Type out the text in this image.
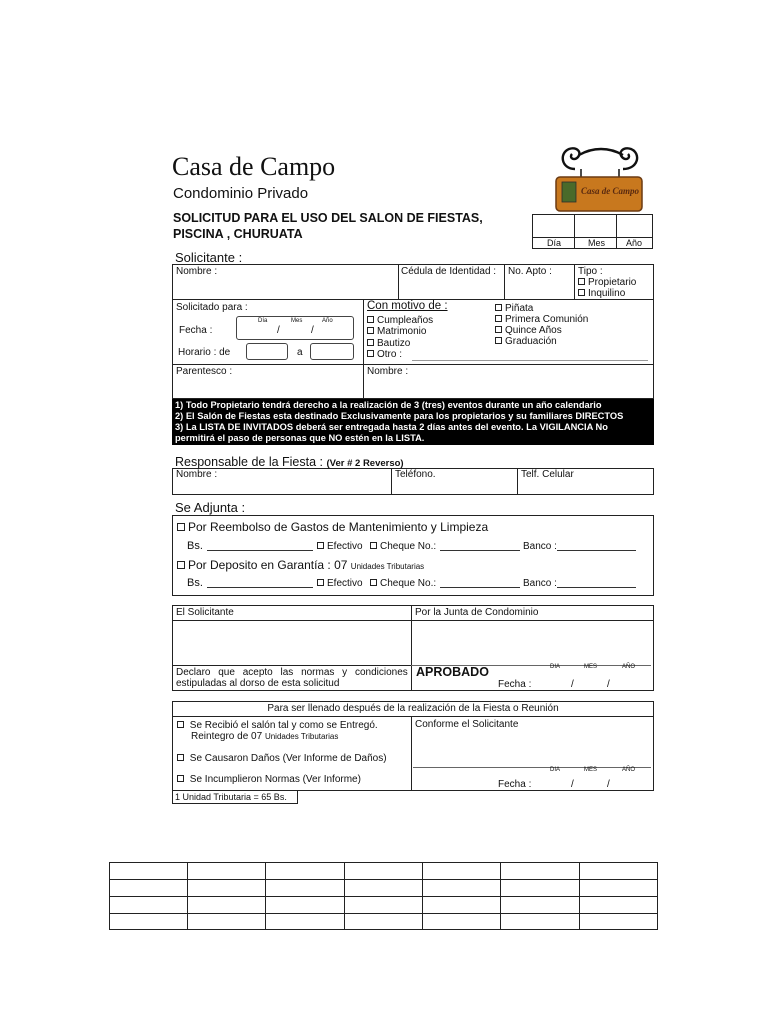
Casa de Campo
Condominio Privado
SOLICITUD PARA EL USO DEL SALON DE FIESTAS,
PISCINA , CHURUATA
Casa de Campo
Día	Mes Año
Solicitante :
Nombre :	Cédula de Identidad : No. Apto :	Tipo :
Propietario
Inquilino
Solicitado para :
Día	Mes	Año
/	/
Fecha :
Horario : de	a
Con motivo de :
Cumpleaños
Matrimonio
Bautizo
Otro :
Piñata
Primera Comunión
Quince Años
Graduación
Parentesco :	Nombre :
1) Todo Propietario tendrá derecho a la realización de 3 (tres) eventos durante un año calendario
2) El Salón de Fiestas esta destinado Exclusivamente para los propietarios y su familiares DIRECTOS
3) La LISTA DE INVITADOS deberá ser entregada hasta 2 días antes del evento. La VIGILANCIA No
permitirá el paso de personas que NO estén en la LISTA.
Responsable de la Fiesta : (Ver # 2 Reverso)
Nombre :	Teléfono.	Telf. Celular
Se Adjunta :
Por Reembolso de Gastos de Mantenimiento y Limpieza
Bs.	Efectivo	Cheque No.:	Banco :
Por Deposito en Garantía : 07 Unidades Tributarias
Bs.	Efectivo	Cheque No.:	Banco :
El Solicitante	Por la Junta de Condominio
Declaro que acepto las normas y condiciones
estipuladas al dorso de esta solicitud
APROBADO	DIA	MES	AÑO
Fecha :	/	/
Para ser llenado después de la realización de la Fiesta o Reunión
Se Recibió el salón tal y como se Entregó.
Reintegro de 07 Unidades Tributarias
Se Causaron Daños (Ver Informe de Daños)
Se Incumplieron Normas (Ver Informe)
Conforme el Solicitante
DIA	MES	AÑO
Fecha :	/	/
1 Unidad Tributaria = 65 Bs.
